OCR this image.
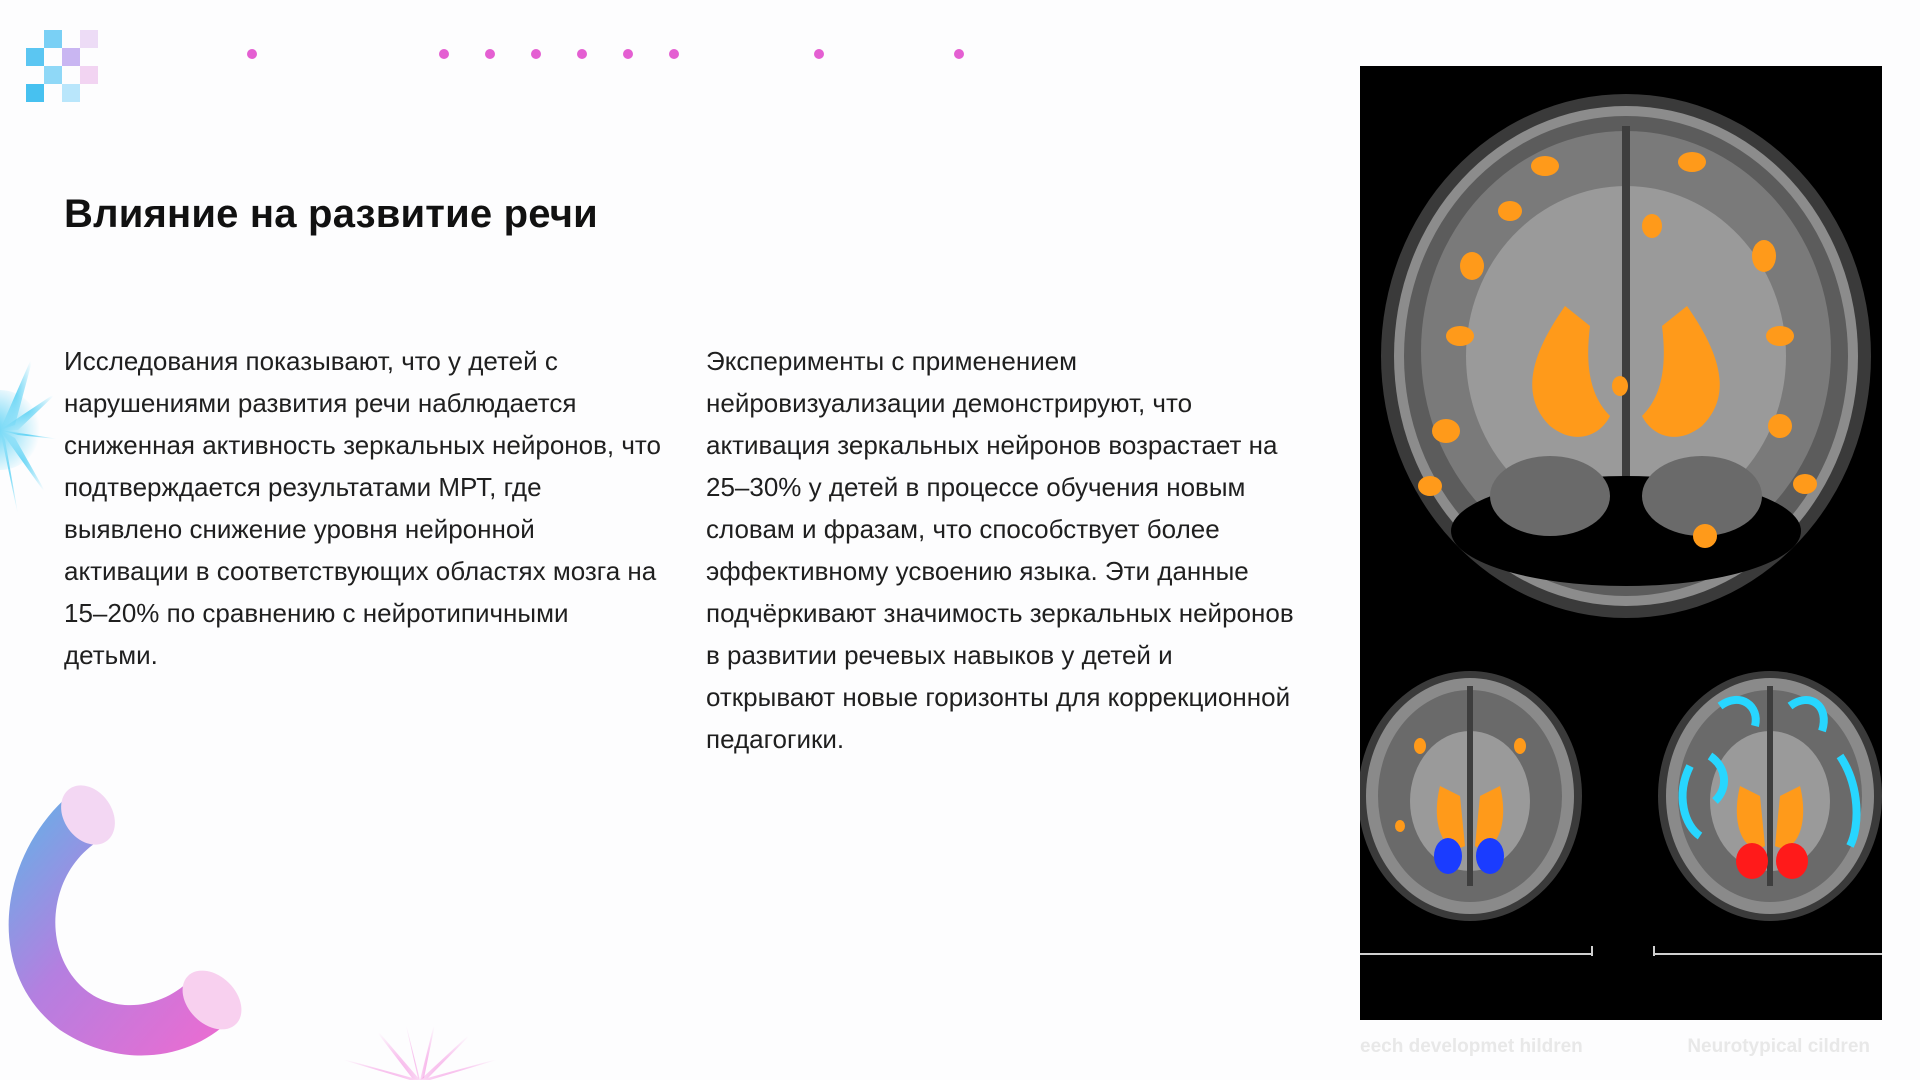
Влияние на развитие речи
Исследования показывают, что у детей с нарушениями развития речи наблюдается сниженная активность зеркальных нейронов, что подтверждается результатами МРТ, где выявлено снижение уровня нейронной активации в соответствующих областях мозга на 15–20% по сравнению с нейротипичными детьми.
Эксперименты с применением нейровизуализации демонстрируют, что активация зеркальных нейронов возрастает на 25–30% у детей в процессе обучения новым словам и фразам, что способствует более эффективному усвоению языка. Эти данные подчёркивают значимость зеркальных нейронов в развитии речевых навыков у детей и открывают новые горизонты для коррекционной педагогики.
eech developmet hildren	Neurotypical cildren
